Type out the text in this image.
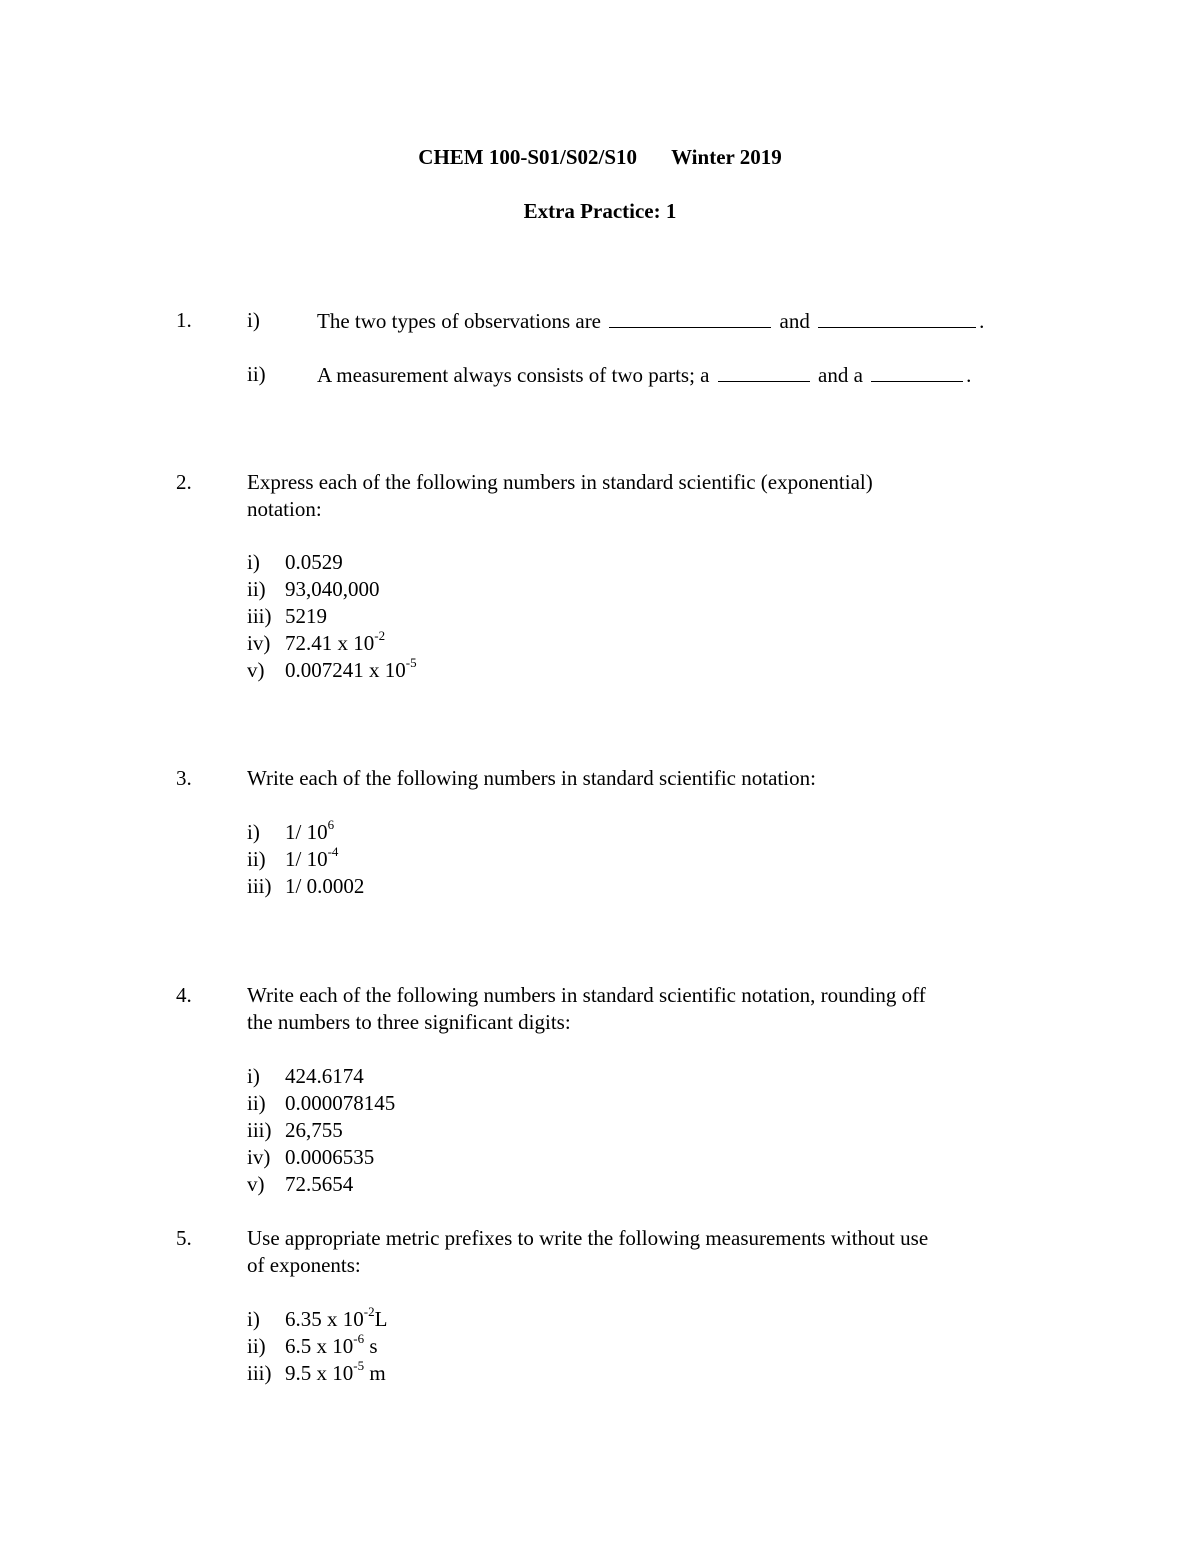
CHEM 100-S01/S02/S10 Winter 2019
Extra Practice: 1
1.	i)	The two types of observations are	and	.
ii) A measurement always consists of two parts; a	and a	.
2.	Express each of the following numbers in standard scientific (exponential)
notation:
i) 0.0529
ii) 93,040,000
iii) 5219
iv) 72.41 x $10^{-2}$
v) 0.007241 x $10^{-5}$
3.	Write each of the following numbers in standard scientific notation:
i) 1/ $10^6$
ii) 1/ $10^{-4}$
iii) 1/ 0.0002
4.	Write each of the following numbers in standard scientific notation, rounding off
the numbers to three significant digits:
i) 424.6174
ii) 0.000078145
iii) 26,755
iv) 0.0006535
v) 72.5654
5.	Use appropriate metric prefixes to write the following measurements without use
of exponents:
i) 6.35 x $10^{-2}L$
ii) 6.5 x $10^{-6}$ s
iii) 9.5 x $10^{-5}$ m
